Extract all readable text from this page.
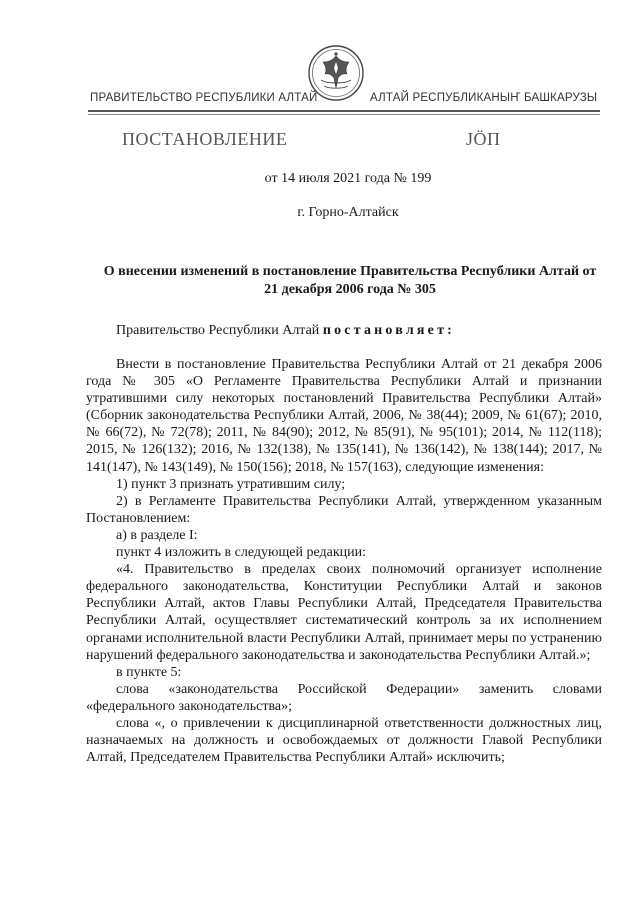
ПРАВИТЕЛЬСТВО РЕСПУБЛИКИ АЛТАЙ	АЛТАЙ РЕСПУБЛИКАНЫҤ БАШКАРУЗЫ
ПОСТАНОВЛЕНИЕ	JÖП
от 14 июля 2021 года № 199
г. Горно-Алтайск
О внесении изменений в постановление Правительства Республики Алтай от 21 декабря 2006 года № 305
Правительство Республики Алтай постановляет:

Внести в постановление Правительства Республики Алтай от 21 декабря 2006 года № 305 «О Регламенте Правительства Республики Алтай и признании утратившими силу некоторых постановлений Правительства Республики Алтай» (Сборник законодательства Республики Алтай, 2006, № 38(44); 2009, № 61(67); 2010, № 66(72), № 72(78); 2011, № 84(90); 2012, № 85(91), № 95(101); 2014, № 112(118); 2015, № 126(132); 2016, № 132(138), № 135(141), № 136(142), № 138(144); 2017, № 141(147), № 143(149), № 150(156); 2018, № 157(163), следующие изменения:

1) пункт 3 признать утратившим силу;

2) в Регламенте Правительства Республики Алтай, утвержденном указанным Постановлением:

а) в разделе I:

пункт 4 изложить в следующей редакции:

«4. Правительство в пределах своих полномочий организует исполнение федерального законодательства, Конституции Республики Алтай и законов Республики Алтай, актов Главы Республики Алтай, Председателя Правительства Республики Алтай, осуществляет систематический контроль за их исполнением органами исполнительной власти Республики Алтай, принимает меры по устранению нарушений федерального законодательства и законодательства Республики Алтай.»;

в пункте 5:

слова «законодательства Российской Федерации» заменить словами «федерального законодательства»;

слова «, о привлечении к дисциплинарной ответственности должностных лиц, назначаемых на должность и освобождаемых от должности Главой Республики Алтай, Председателем Правительства Республики Алтай» исключить;
